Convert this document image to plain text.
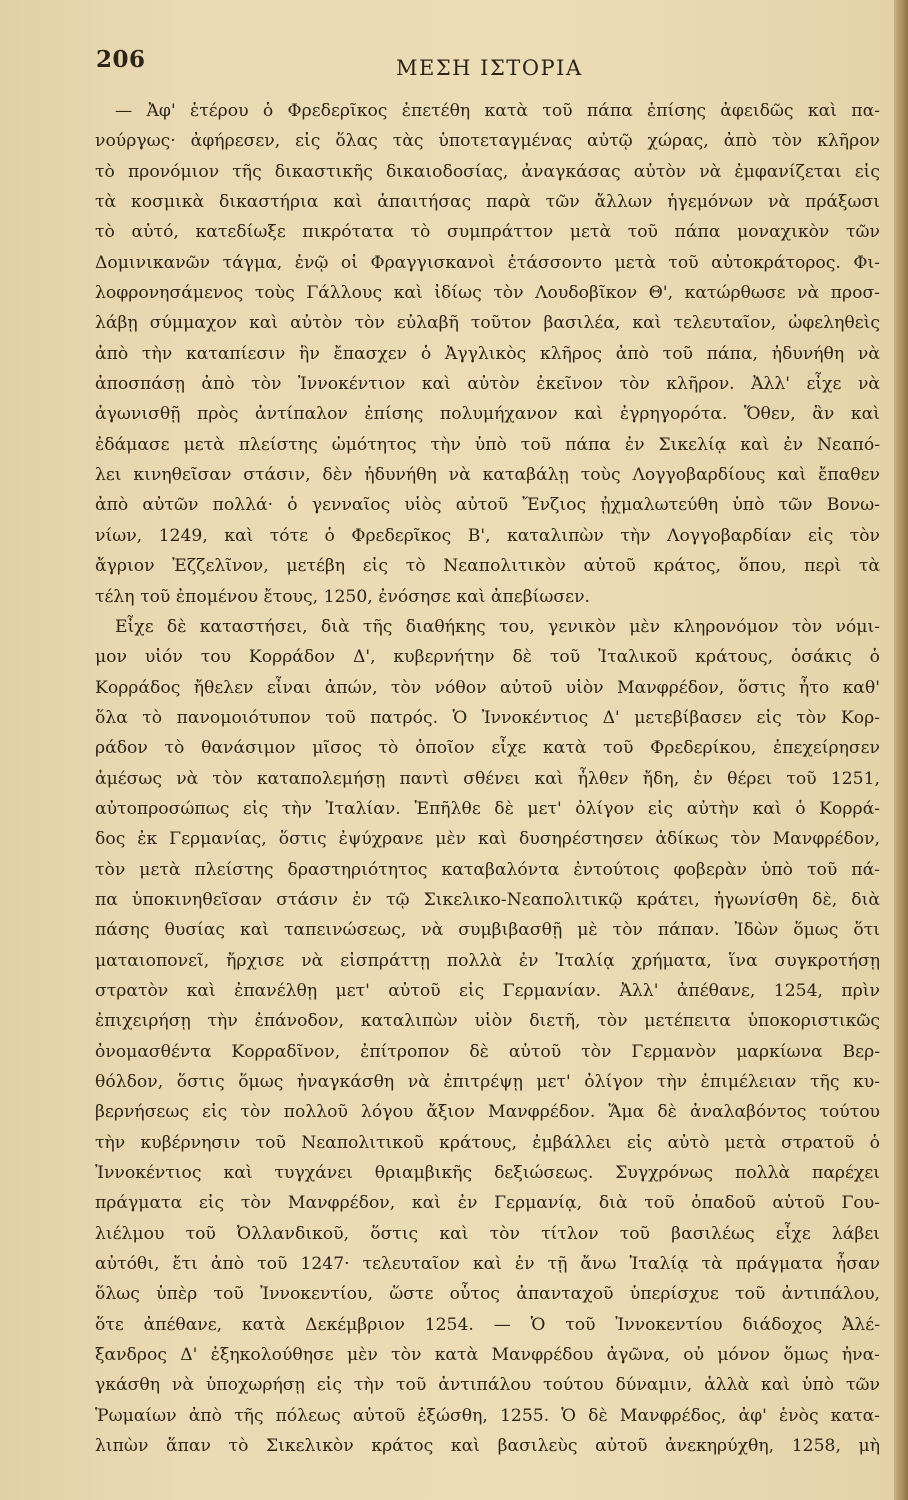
206	ΜΕΣΗ ΙΣΤΟΡΙΑ
— Ἀφ' ἑτέρου ὁ Φρεδερῖκος ἐπετέθη κατὰ τοῦ πάπα ἐπίσης ἀφειδῶς καὶ πα-
νούργως· ἀφήρεσεν, εἰς ὅλας τὰς ὑποτεταγμένας αὐτῷ χώρας, ἀπὸ τὸν κλῆρον
τὸ προνόμιον τῆς δικαστικῆς δικαιοδοσίας, ἀναγκάσας αὐτὸν νὰ ἐμφανίζεται εἰς
τὰ κοσμικὰ δικαστήρια καὶ ἀπαιτήσας παρὰ τῶν ἄλλων ἡγεμόνων νὰ πράξωσι
τὸ αὐτό, κατεδίωξε πικρότατα τὸ συμπράττον μετὰ τοῦ πάπα μοναχικὸν τῶν
Δομινικανῶν τάγμα, ἐνῷ οἱ Φραγγισκανοὶ ἐτάσσοντο μετὰ τοῦ αὐτοκράτορος. Φι-
λοφρονησάμενος τοὺς Γάλλους καὶ ἰδίως τὸν Λουδοβῖκον Θ', κατώρθωσε νὰ προσ-
λάβῃ σύμμαχον καὶ αὐτὸν τὸν εὐλαβῆ τοῦτον βασιλέα, καὶ τελευταῖον, ὠφεληθεὶς
ἀπὸ τὴν καταπίεσιν ἣν ἔπασχεν ὁ Ἀγγλικὸς κλῆρος ἀπὸ τοῦ πάπα, ἠδυνήθη νὰ
ἀποσπάσῃ ἀπὸ τὸν Ἰννοκέντιον καὶ αὐτὸν ἐκεῖνον τὸν κλῆρον. Ἀλλ' εἶχε νὰ
ἀγωνισθῇ πρὸς ἀντίπαλον ἐπίσης πολυμήχανον καὶ ἐγρηγορότα. Ὅθεν, ἂν καὶ
ἐδάμασε μετὰ πλείστης ὠμότητος τὴν ὑπὸ τοῦ πάπα ἐν Σικελίᾳ καὶ ἐν Νεαπό-
λει κινηθεῖσαν στάσιν, δὲν ἠδυνήθη νὰ καταβάλῃ τοὺς Λογγοβαρδίους καὶ ἔπαθεν
ἀπὸ αὐτῶν πολλά· ὁ γενναῖος υἱὸς αὐτοῦ Ἔνζιος ᾐχμαλωτεύθη ὑπὸ τῶν Βονω-
νίων, 1249, καὶ τότε ὁ Φρεδερῖκος Β', καταλιπὼν τὴν Λογγοβαρδίαν εἰς τὸν
ἄγριον Ἐζζελῖνον, μετέβη εἰς τὸ Νεαπολιτικὸν αὐτοῦ κράτος, ὅπου, περὶ τὰ
τέλη τοῦ ἐπομένου ἔτους, 1250, ἐνόσησε καὶ ἀπεβίωσεν.
Εἶχε δὲ καταστήσει, διὰ τῆς διαθήκης του, γενικὸν μὲν κληρονόμον τὸν νόμι-
μον υἱόν του Κορράδον Δ', κυβερνήτην δὲ τοῦ Ἰταλικοῦ κράτους, ὁσάκις ὁ
Κορράδος ἤθελεν εἶναι ἀπών, τὸν νόθον αὐτοῦ υἱὸν Μανφρέδον, ὅστις ἦτο καθ'
ὅλα τὸ πανομοιότυπον τοῦ πατρός. Ὁ Ἰννοκέντιος Δ' μετεβίβασεν εἰς τὸν Κορ-
ράδον τὸ θανάσιμον μῖσος τὸ ὁποῖον εἶχε κατὰ τοῦ Φρεδερίκου, ἐπεχείρησεν
ἀμέσως νὰ τὸν καταπολεμήσῃ παντὶ σθένει καὶ ἦλθεν ἤδη, ἐν θέρει τοῦ 1251,
αὐτοπροσώπως εἰς τὴν Ἰταλίαν. Ἐπῆλθε δὲ μετ' ὀλίγον εἰς αὐτὴν καὶ ὁ Κορρά-
δος ἐκ Γερμανίας, ὅστις ἐψύχρανε μὲν καὶ δυσηρέστησεν ἀδίκως τὸν Μανφρέδον,
τὸν μετὰ πλείστης δραστηριότητος καταβαλόντα ἐντούτοις φοβερὰν ὑπὸ τοῦ πά-
πα ὑποκινηθεῖσαν στάσιν ἐν τῷ Σικελικο-Νεαπολιτικῷ κράτει, ἠγωνίσθη δὲ, διὰ
πάσης θυσίας καὶ ταπεινώσεως, νὰ συμβιβασθῇ μὲ τὸν πάπαν. Ἰδὼν ὅμως ὅτι
ματαιοπονεῖ, ἤρχισε νὰ εἰσπράττῃ πολλὰ ἐν Ἰταλίᾳ χρήματα, ἵνα συγκροτήσῃ
στρατὸν καὶ ἐπανέλθῃ μετ' αὐτοῦ εἰς Γερμανίαν. Ἀλλ' ἀπέθανε, 1254, πρὶν
ἐπιχειρήσῃ τὴν ἐπάνοδον, καταλιπὼν υἱὸν διετῆ, τὸν μετέπειτα ὑποκοριστικῶς
ὀνομασθέντα Κορραδῖνον, ἐπίτροπον δὲ αὐτοῦ τὸν Γερμανὸν μαρκίωνα Βερ-
θόλδον, ὅστις ὅμως ἠναγκάσθη νὰ ἐπιτρέψῃ μετ' ὀλίγον τὴν ἐπιμέλειαν τῆς κυ-
βερνήσεως εἰς τὸν πολλοῦ λόγου ἄξιον Μανφρέδον. Ἅμα δὲ ἀναλαβόντος τούτου
τὴν κυβέρνησιν τοῦ Νεαπολιτικοῦ κράτους, ἐμβάλλει εἰς αὐτὸ μετὰ στρατοῦ ὁ
Ἰννοκέντιος καὶ τυγχάνει θριαμβικῆς δεξιώσεως. Συγχρόνως πολλὰ παρέχει
πράγματα εἰς τὸν Μανφρέδον, καὶ ἐν Γερμανίᾳ, διὰ τοῦ ὀπαδοῦ αὐτοῦ Γου-
λιέλμου τοῦ Ὀλλανδικοῦ, ὅστις καὶ τὸν τίτλον τοῦ βασιλέως εἶχε λάβει
αὐτόθι, ἔτι ἀπὸ τοῦ 1247· τελευταῖον καὶ ἐν τῇ ἄνω Ἰταλίᾳ τὰ πράγματα ἦσαν
ὅλως ὑπὲρ τοῦ Ἰννοκεντίου, ὥστε οὗτος ἀπανταχοῦ ὑπερίσχυε τοῦ ἀντιπάλου,
ὅτε ἀπέθανε, κατὰ Δεκέμβριον 1254. — Ὁ τοῦ Ἰννοκεντίου διάδοχος Ἀλέ-
ξανδρος Δ' ἐξηκολούθησε μὲν τὸν κατὰ Μανφρέδου ἀγῶνα, οὐ μόνον ὅμως ἠνα-
γκάσθη νὰ ὑποχωρήσῃ εἰς τὴν τοῦ ἀντιπάλου τούτου δύναμιν, ἀλλὰ καὶ ὑπὸ τῶν
Ῥωμαίων ἀπὸ τῆς πόλεως αὐτοῦ ἐξώσθη, 1255. Ὁ δὲ Μανφρέδος, ἀφ' ἑνὸς κατα-
λιπὼν ἅπαν τὸ Σικελικὸν κράτος καὶ βασιλεὺς αὐτοῦ ἀνεκηρύχθη, 1258, μὴ
